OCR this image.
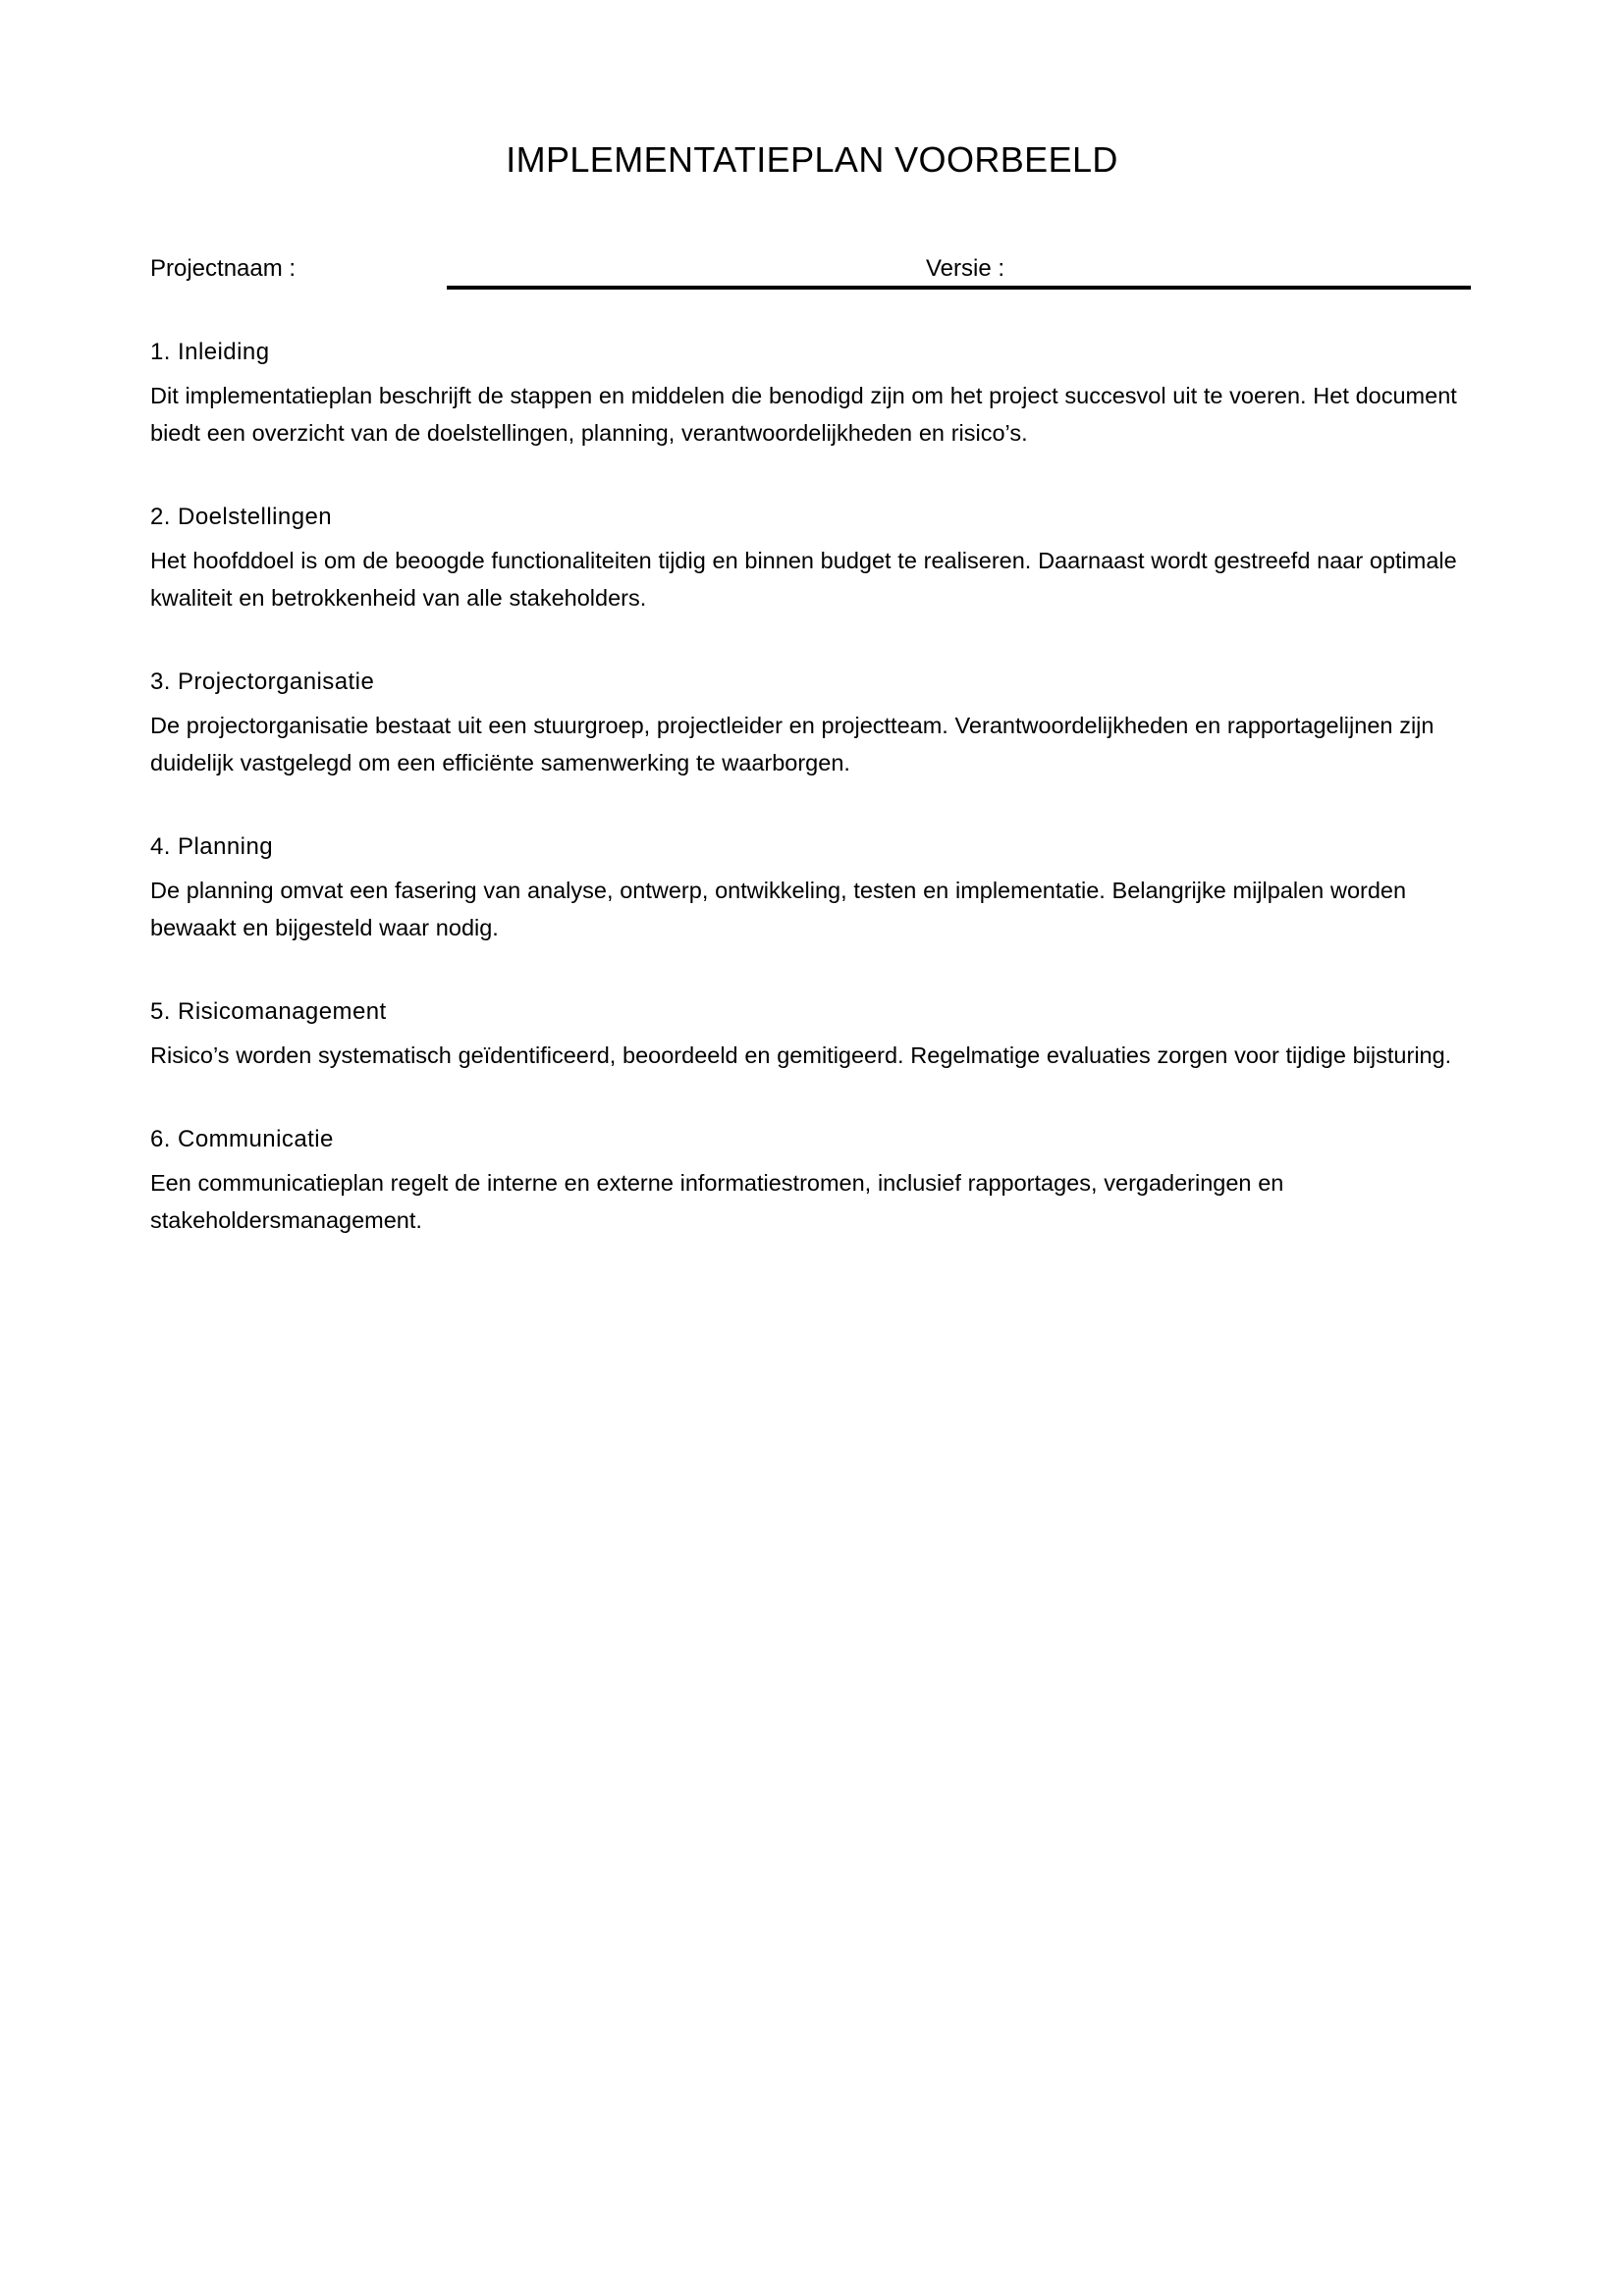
IMPLEMENTATIEPLAN VOORBEELD
Projectnaam :	Versie :
1. Inleiding

Dit implementatieplan beschrijft de stappen en middelen die benodigd zijn om het project succesvol uit te voeren. Het document biedt een overzicht van de doelstellingen, planning, verantwoordelijkheden en risico’s.

2. Doelstellingen

Het hoofddoel is om de beoogde functionaliteiten tijdig en binnen budget te realiseren. Daarnaast wordt gestreefd naar optimale kwaliteit en betrokkenheid van alle stakeholders.

3. Projectorganisatie

De projectorganisatie bestaat uit een stuurgroep, projectleider en projectteam. Verantwoordelijkheden en rapportagelijnen zijn duidelijk vastgelegd om een efficiënte samenwerking te waarborgen.

4. Planning

De planning omvat een fasering van analyse, ontwerp, ontwikkeling, testen en implementatie. Belangrijke mijlpalen worden bewaakt en bijgesteld waar nodig.

5. Risicomanagement

Risico’s worden systematisch geïdentificeerd, beoordeeld en gemitigeerd. Regelmatige evaluaties zorgen voor tijdige bijsturing.

6. Communicatie

Een communicatieplan regelt de interne en externe informatiestromen, inclusief rapportages, vergaderingen en stakeholdersmanagement.
